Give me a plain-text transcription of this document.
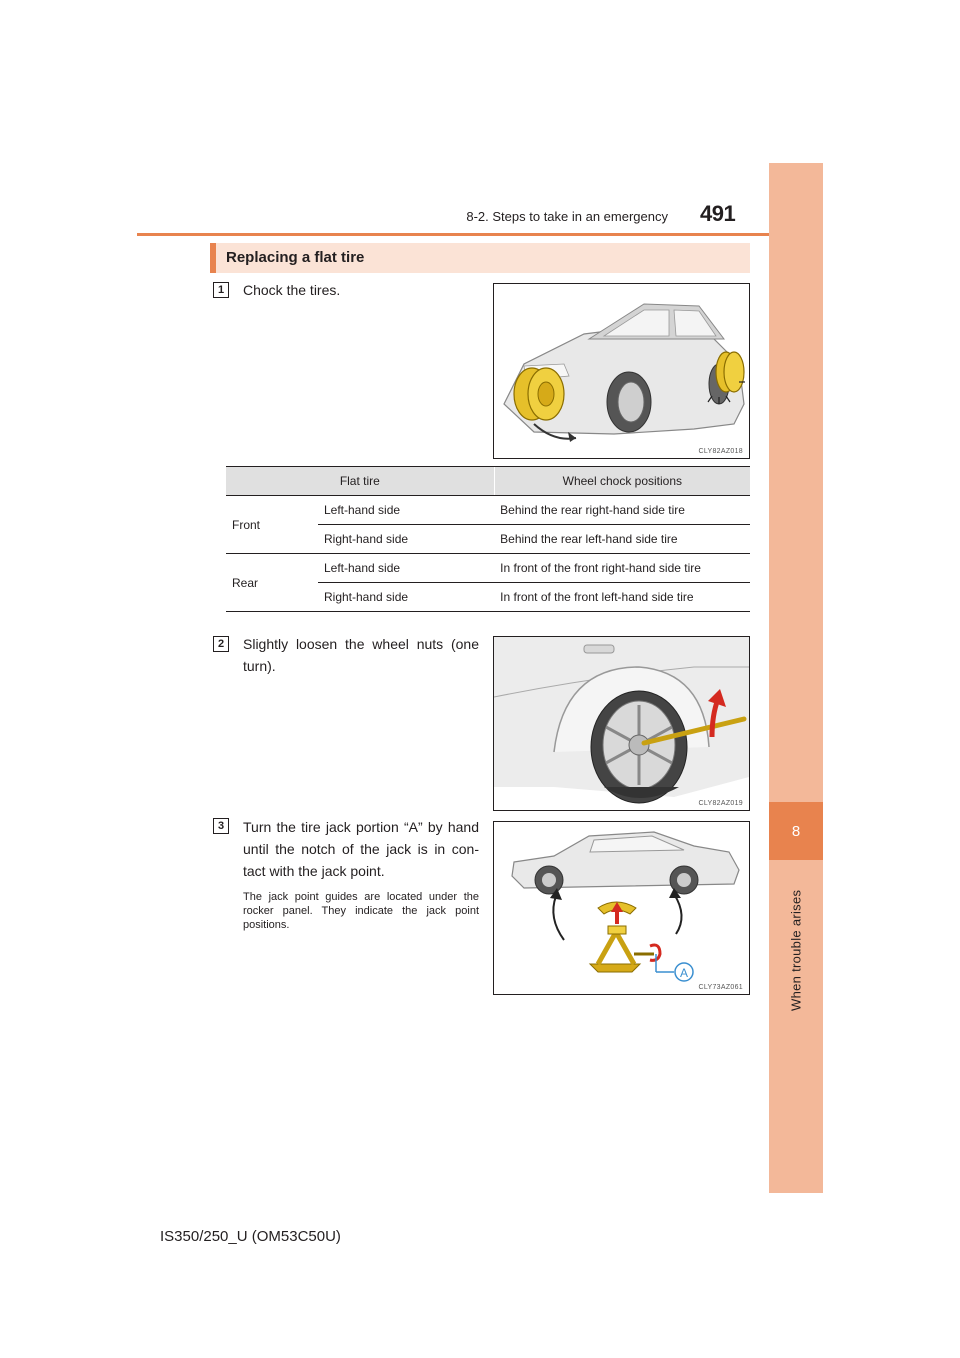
8-2. Steps to take in an emergency 491
8
When trouble arises
Replacing a flat tire
1	Chock the tires.
CLY82AZ018
Flat tire		Wheel chock positions
Front	Left-hand side	Behind the rear right-hand side tire
	Right-hand side	Behind the rear left-hand side tire
Rear	Left-hand side	In front of the front right-hand side tire
	Right-hand side	In front of the front left-hand side tire
2	Slightly loosen the wheel nuts (one turn).
CLY82AZ019
3	Turn the tire jack portion “A” by hand until the notch of the jack is in con-tact with the jack point.
The jack point guides are located under the rocker panel. They indicate the jack point positions.
A
CLY73AZ061
IS350/250_U (OM53C50U)
